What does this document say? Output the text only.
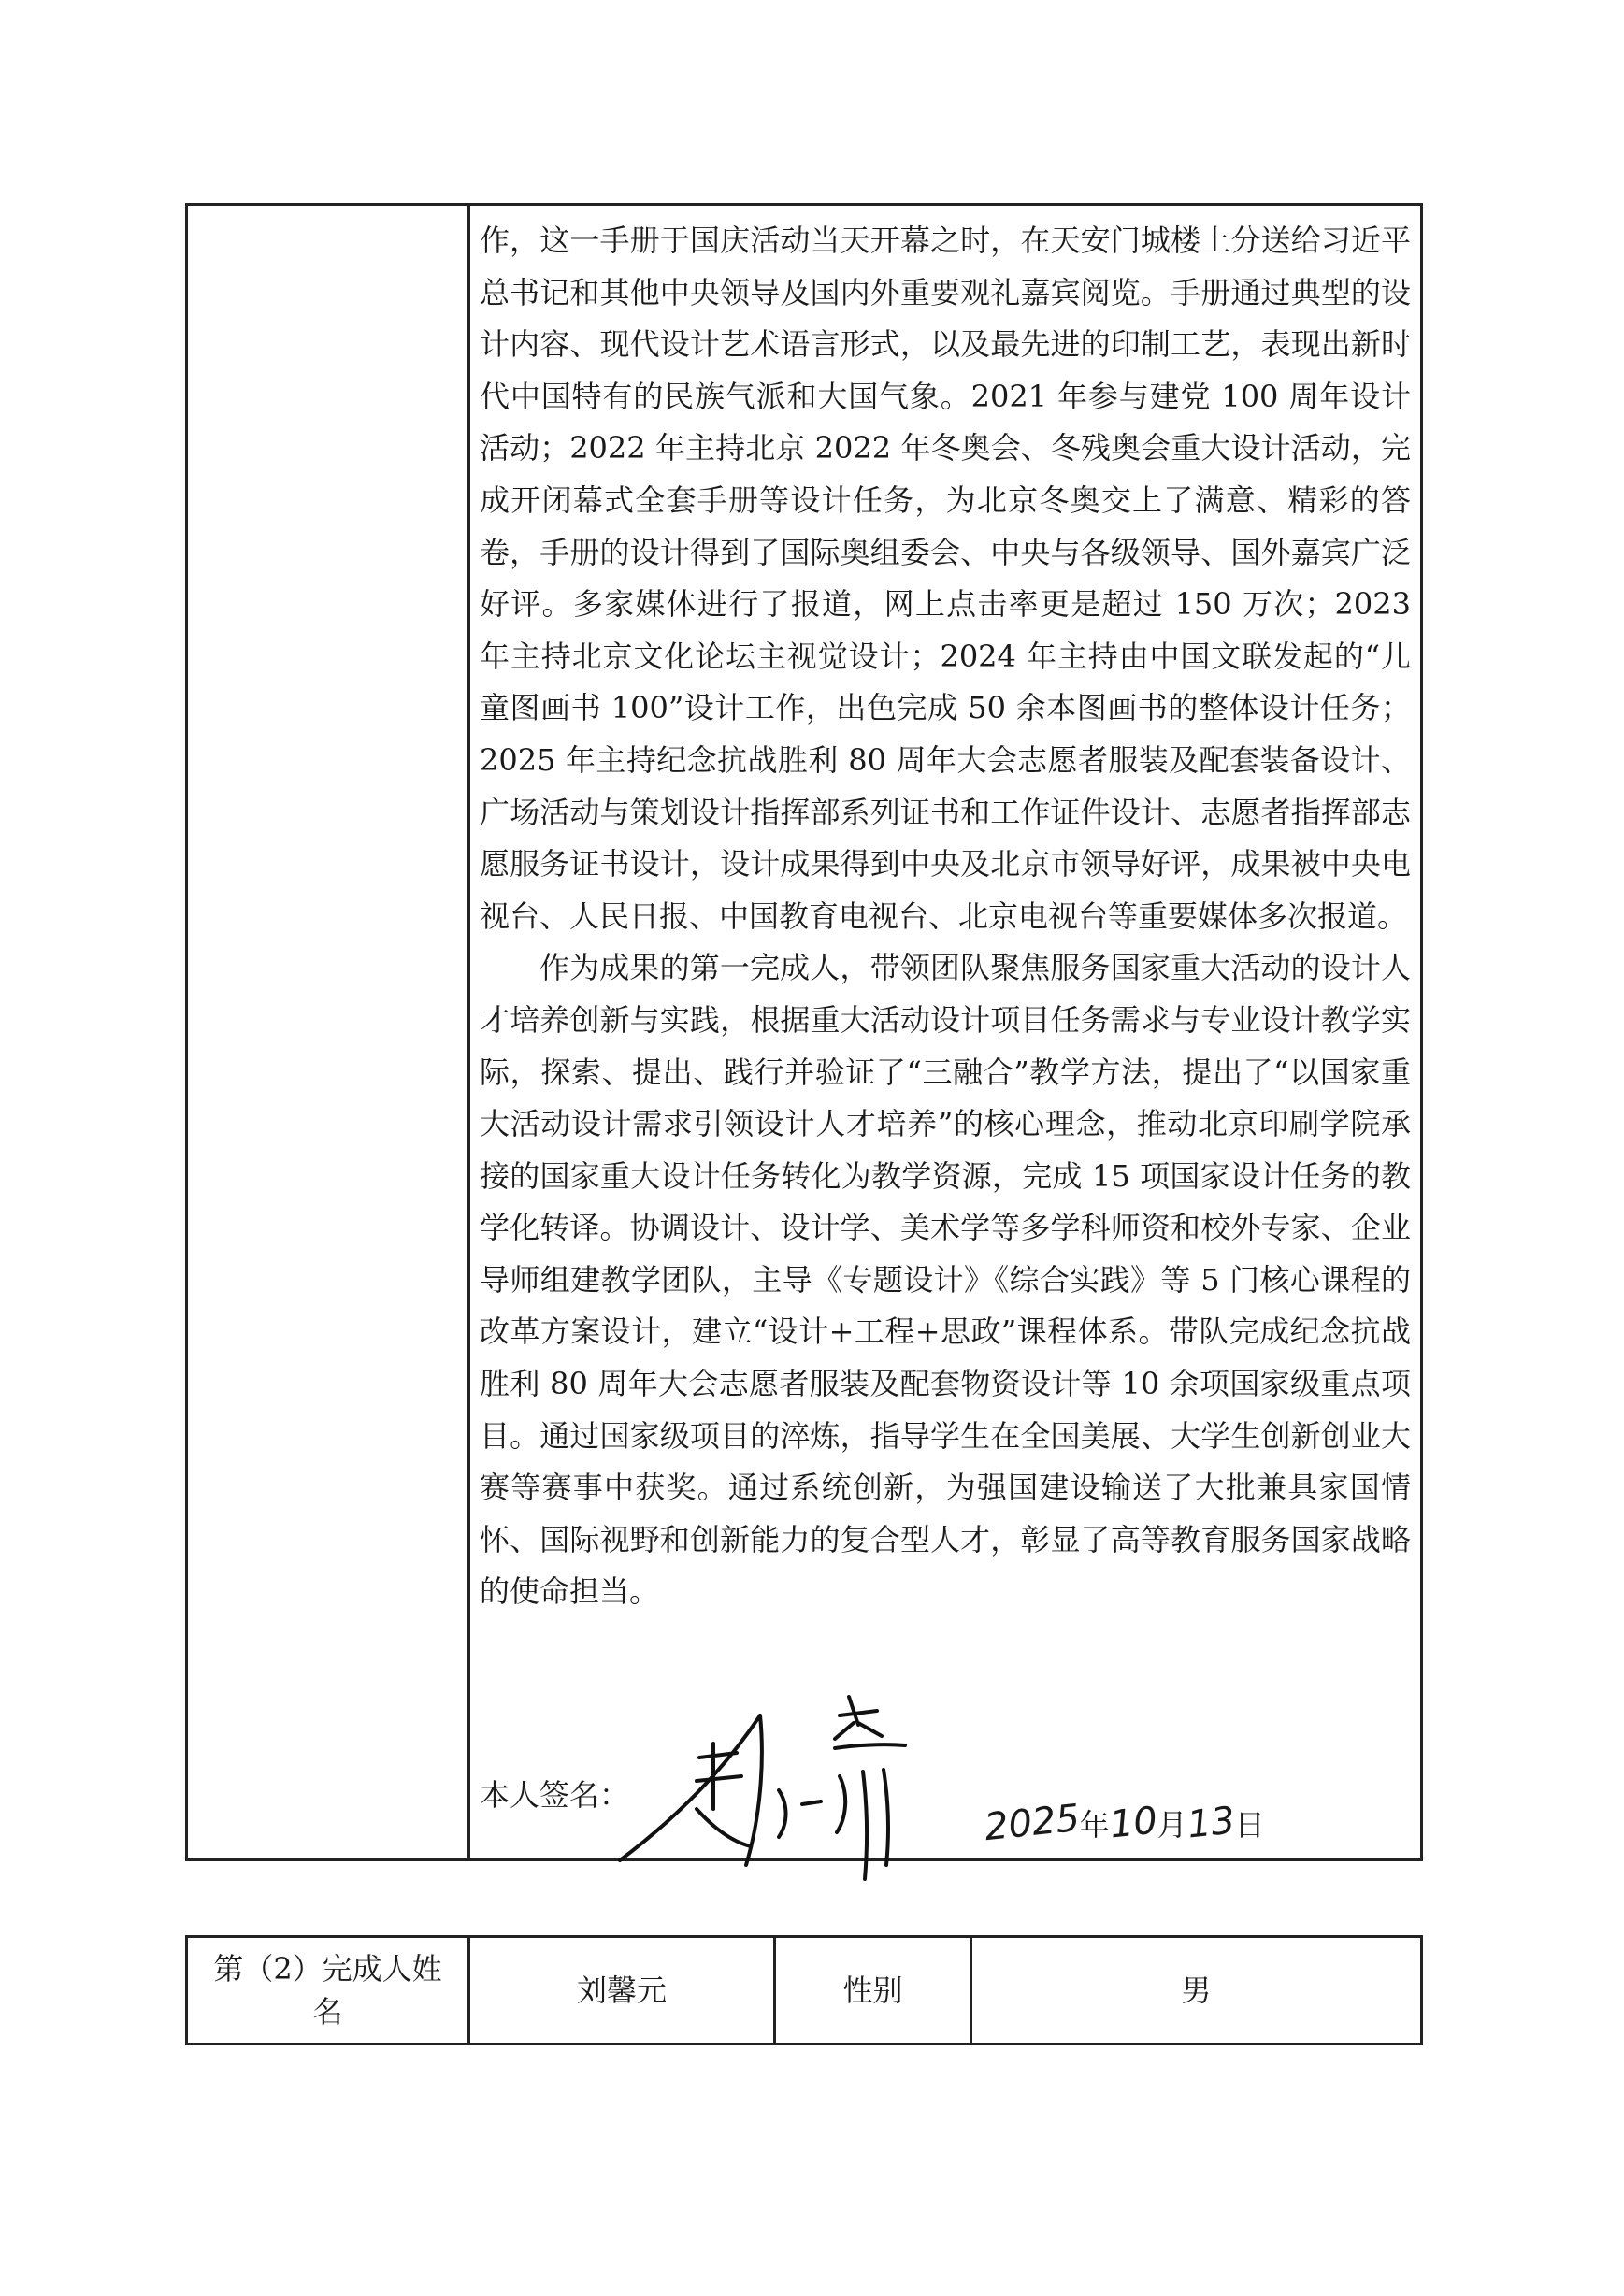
作，这一手册于国庆活动当天开幕之时，在天安门城楼上分送给习近平总书记和其他中央领导及国内外重要观礼嘉宾阅览。手册通过典型的设计内容、现代设计艺术语言形式，以及最先进的印制工艺，表现出新时代中国特有的民族气派和大国气象。2021 年参与建党 100 周年设计活动；2022 年主持北京 2022 年冬奥会、冬残奥会重大设计活动，完成开闭幕式全套手册等设计任务，为北京冬奥交上了满意、精彩的答卷，手册的设计得到了国际奥组委会、中央与各级领导、国外嘉宾广泛好评。多家媒体进行了报道，网上点击率更是超过 150 万次；2023 年主持北京文化论坛主视觉设计；2024 年主持由中国文联发起的“儿童图画书 100”设计工作，出色完成 50 余本图画书的整体设计任务；2025 年主持纪念抗战胜利 80 周年大会志愿者服装及配套装备设计、广场活动与策划设计指挥部系列证书和工作证件设计、志愿者指挥部志愿服务证书设计，设计成果得到中央及北京市领导好评，成果被中央电视台、人民日报、中国教育电视台、北京电视台等重要媒体多次报道。

作为成果的第一完成人，带领团队聚焦服务国家重大活动的设计人才培养创新与实践，根据重大活动设计项目任务需求与专业设计教学实际，探索、提出、践行并验证了“三融合”教学方法，提出了“以国家重大活动设计需求引领设计人才培养”的核心理念，推动北京印刷学院承接的国家重大设计任务转化为教学资源，完成 15 项国家设计任务的教学化转译。协调设计、设计学、美术学等多学科师资和校外专家、企业导师组建教学团队，主导《专题设计》《综合实践》等 5 门核心课程的改革方案设计，建立“设计+工程+思政”课程体系。带队完成纪念抗战胜利 80 周年大会志愿者服装及配套物资设计等 10 余项国家级重点项目。通过国家级项目的淬炼，指导学生在全国美展、大学生创新创业大赛等赛事中获奖。通过系统创新，为强国建设输送了大批兼具家国情怀、国际视野和创新能力的复合型人才，彰显了高等教育服务国家战略的使命担当。

本人签名：
2025
年
10
月
13
日
第（2）完成人姓名
刘馨元	性别	男
